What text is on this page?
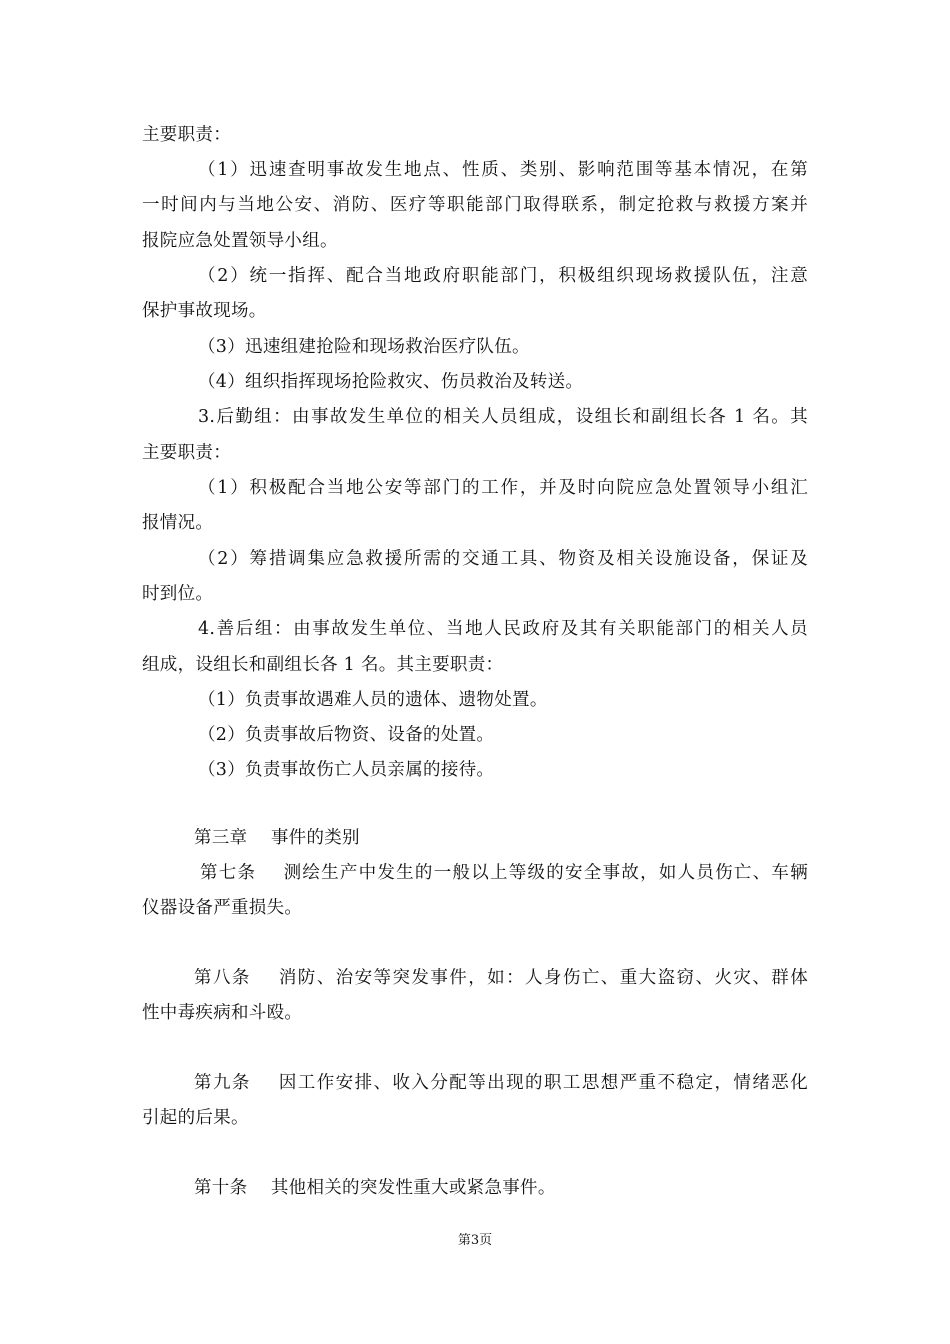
主要职责：
（1）迅速查明事故发生地点、性质、类别、影响范围等基本情况，在第
一时间内与当地公安、消防、医疗等职能部门取得联系，制定抢救与救援方案并
报院应急处置领导小组。
（2）统一指挥、配合当地政府职能部门，积极组织现场救援队伍，注意
保护事故现场。
（3）迅速组建抢险和现场救治医疗队伍。
（4）组织指挥现场抢险救灾、伤员救治及转送。
3.后勤组：由事故发生单位的相关人员组成，设组长和副组长各 1 名。其
主要职责：
（1）积极配合当地公安等部门的工作，并及时向院应急处置领导小组汇
报情况。
（2）筹措调集应急救援所需的交通工具、物资及相关设施设备，保证及
时到位。
4.善后组：由事故发生单位、当地人民政府及其有关职能部门的相关人员
组成，设组长和副组长各 1 名。其主要职责：
（1）负责事故遇难人员的遗体、遗物处置。
（2）负责事故后物资、设备的处置。
（3）负责事故伤亡人员亲属的接待。
第三章    事件的类别
第七条    测绘生产中发生的一般以上等级的安全事故，如人员伤亡、车辆
仪器设备严重损失。
第八条    消防、治安等突发事件，如：人身伤亡、重大盗窃、火灾、群体
性中毒疾病和斗殴。
第九条    因工作安排、收入分配等出现的职工思想严重不稳定，情绪恶化
引起的后果。
第十条    其他相关的突发性重大或紧急事件。
第3页
